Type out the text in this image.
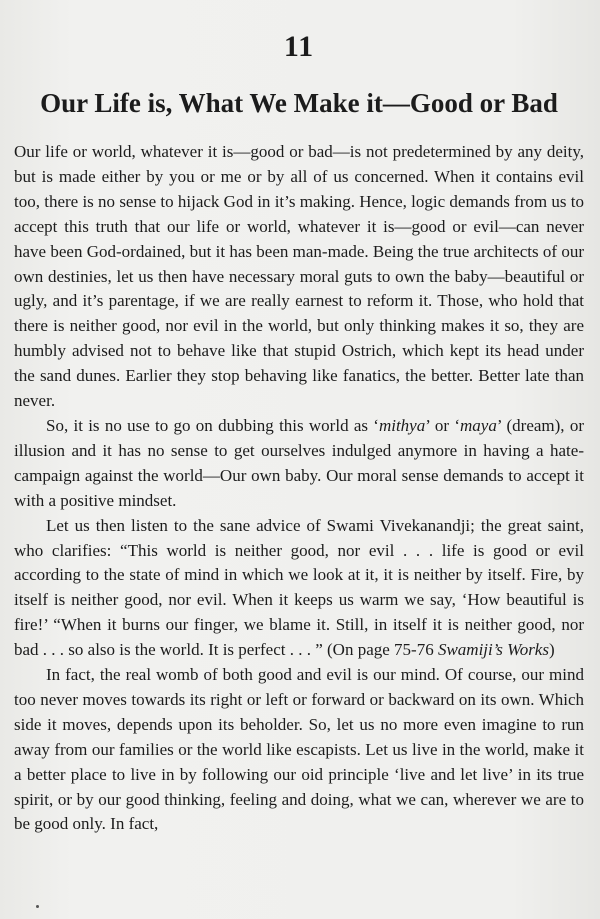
11
Our Life is, What We Make it—Good or Bad

Our life or world, whatever it is—good or bad—is not predetermined by any deity, but is made either by you or me or by all of us concerned. When it contains evil too, there is no sense to hijack God in it’s making. Hence, logic demands from us to accept this truth that our life or world, whatever it is—good or evil—can never have been God-ordained, but it has been man-made. Being the true architects of our own destinies, let us then have necessary moral guts to own the baby—beautiful or ugly, and it’s parentage, if we are really earnest to reform it. Those, who hold that there is neither good, nor evil in the world, but only thinking makes it so, they are humbly advised not to behave like that stupid Ostrich, which kept its head under the sand dunes. Earlier they stop behaving like fanatics, the better. Better late than never.

So, it is no use to go on dubbing this world as ‘mithya’ or ‘maya’ (dream), or illusion and it has no sense to get ourselves indulged anymore in having a hate-campaign against the world—Our own baby. Our moral sense demands to accept it with a positive mindset.

Let us then listen to the sane advice of Swami Vivekanandji; the great saint, who clarifies: “This world is neither good, nor evil . . . life is good or evil according to the state of mind in which we look at it, it is neither by itself. Fire, by itself is neither good, nor evil. When it keeps us warm we say, ‘How beautiful is fire!’ “When it burns our finger, we blame it. Still, in itself it is neither good, nor bad . . . so also is the world. It is perfect . . . ” (On page 75-76 Swamiji’s Works)

In fact, the real womb of both good and evil is our mind. Of course, our mind too never moves towards its right or left or forward or backward on its own. Which side it moves, depends upon its beholder. So, let us no more even imagine to run away from our families or the world like escapists. Let us live in the world, make it a better place to live in by following our oid principle ‘live and let live’ in its true spirit, or by our good thinking, feeling and doing, what we can, wherever we are to be good only. In fact,
